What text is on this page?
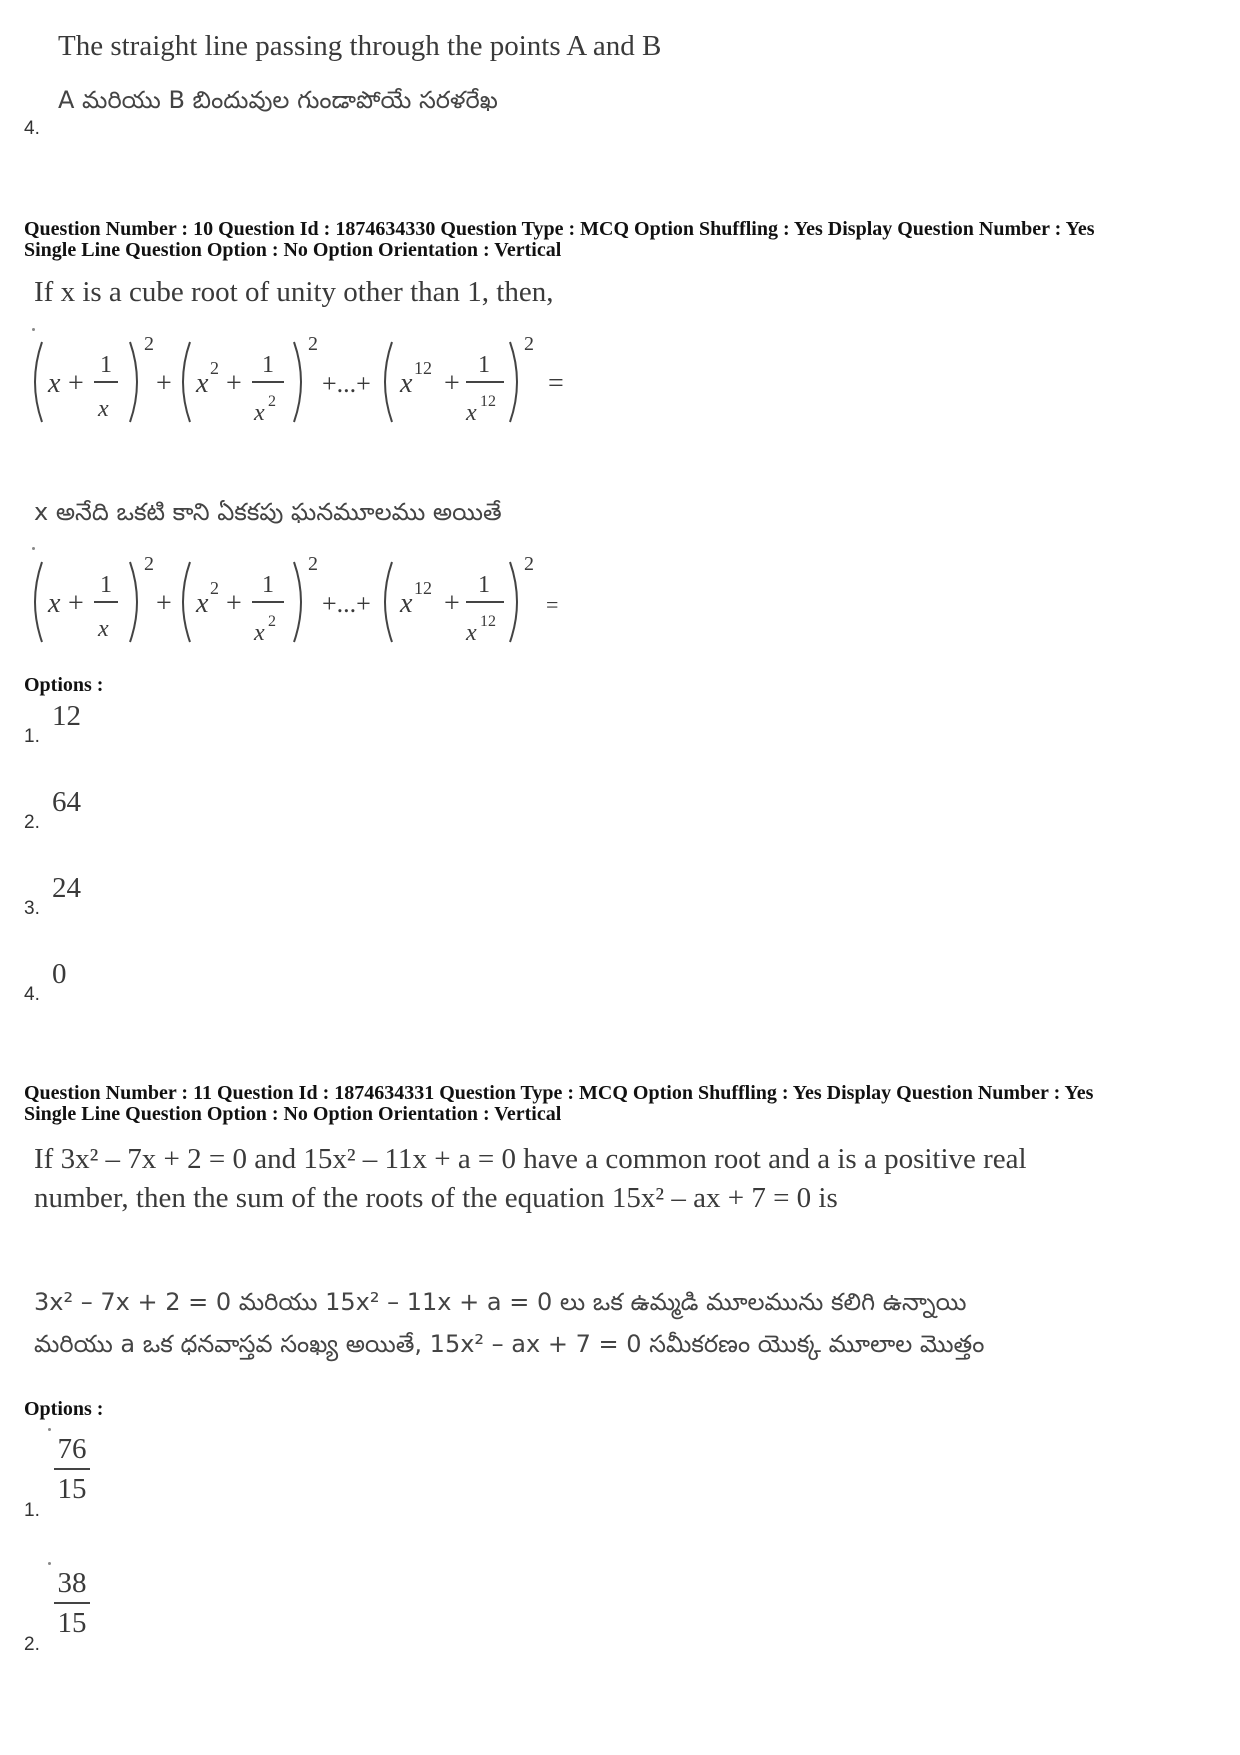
The straight line passing through the points A and B
A మరియు B బిందువుల గుండాపోయే సరళరేఖ
4.
Question Number : 10 Question Id : 1874634330 Question Type : MCQ Option Shuffling : Yes Display Question Number : Yes
Single Line Question Option : No Option Orientation : Vertical
If x is a cube root of unity other than 1, then,
x +
1
x
2
+ x 2 +
1
x 2
2
+...+ x 12 +
1
x 12
2
=
x అనేది ఒకటి కాని ఏకకపు ఘనమూలము అయితే
x +
1
x
2
+ x 2 +
1
x 2
2
+...+ x 12 +
1
x 12
2
=
Options :
1.
12
2.
64
3.
24
4.
0
Question Number : 11 Question Id : 1874634331 Question Type : MCQ Option Shuffling : Yes Display Question Number : Yes
Single Line Question Option : No Option Orientation : Vertical
If 3x² – 7x + 2 = 0 and 15x² – 11x + a = 0 have a common root and a is a positive real
number, then the sum of the roots of the equation 15x² – ax + 7 = 0 is
3x² – 7x + 2 = 0 మరియు 15x² – 11x + a = 0 లు ఒక ఉమ్మడి మూలమును కలిగి ఉన్నాయి
మరియు a ఒక ధనవాస్తవ సంఖ్య అయితే, 15x² – ax + 7 = 0 సమీకరణం యొక్క మూలాల మొత్తం
Options :
1.
76
15
2.
38
15
